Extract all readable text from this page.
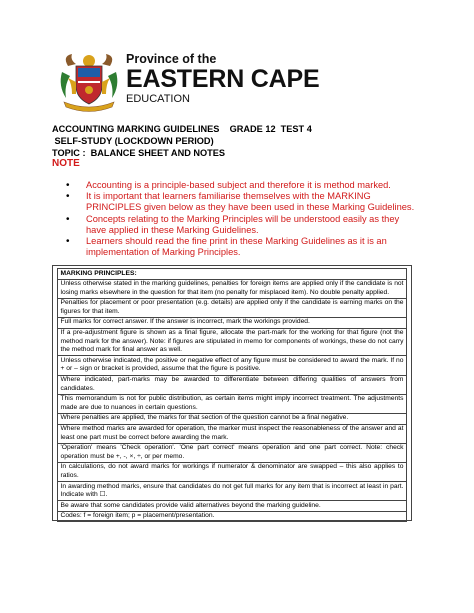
Province of the
EASTERN CAPE
EDUCATION
ACCOUNTING MARKING GUIDELINES    GRADE 12  TEST 4
SELF-STUDY (LOCKDOWN PERIOD)
TOPIC :  BALANCE SHEET AND NOTES
NOTE
• Accounting is a principle-based subject and therefore it is method marked.
• It is important that learners familiarise themselves with the MARKING PRINCIPLES given below as they have been used in these Marking Guidelines.
• Concepts relating to the Marking Principles will be understood easily as they have applied in these Marking Guidelines.
• Learners should read the fine print in these Marking Guidelines as it is an implementation of Marking Principles.
MARKING PRINCIPLES:
Unless otherwise stated in the marking guidelines, penalties for foreign items are applied only if the candidate is not losing marks elsewhere in the question for that item (no penalty for misplaced item). No double penalty applied.
Penalties for placement or poor presentation (e.g. details) are applied only if the candidate is earning marks on the figures for that item.
Full marks for correct answer. If the answer is incorrect, mark the workings provided.
If a pre-adjustment figure is shown as a final figure, allocate the part-mark for the working for that figure (not the method mark for the answer). Note: if figures are stipulated in memo for components of workings, these do not carry the method mark for final answer as well.
Unless otherwise indicated, the positive or negative effect of any figure must be considered to award the mark. If no + or – sign or bracket is provided, assume that the figure is positive.
Where indicated, part-marks may be awarded to differentiate between differing qualities of answers from candidates.
This memorandum is not for public distribution, as certain items might imply incorrect treatment. The adjustments made are due to nuances in certain questions.
Where penalties are applied, the marks for that section of the question cannot be a final negative.
Where method marks are awarded for operation, the marker must inspect the reasonableness of the answer and at least one part must be correct before awarding the mark.
'Operation' means 'Check operation'. 'One part correct' means operation and one part correct. Note: check operation must be +, -, ×, ÷, or per memo.
In calculations, do not award marks for workings if numerator & denominator are swapped – this also applies to ratios.
In awarding method marks, ensure that candidates do not get full marks for any item that is incorrect at least in part. Indicate with ☐.
Be aware that some candidates provide valid alternatives beyond the marking guideline.
Codes: f = foreign item; p = placement/presentation.
